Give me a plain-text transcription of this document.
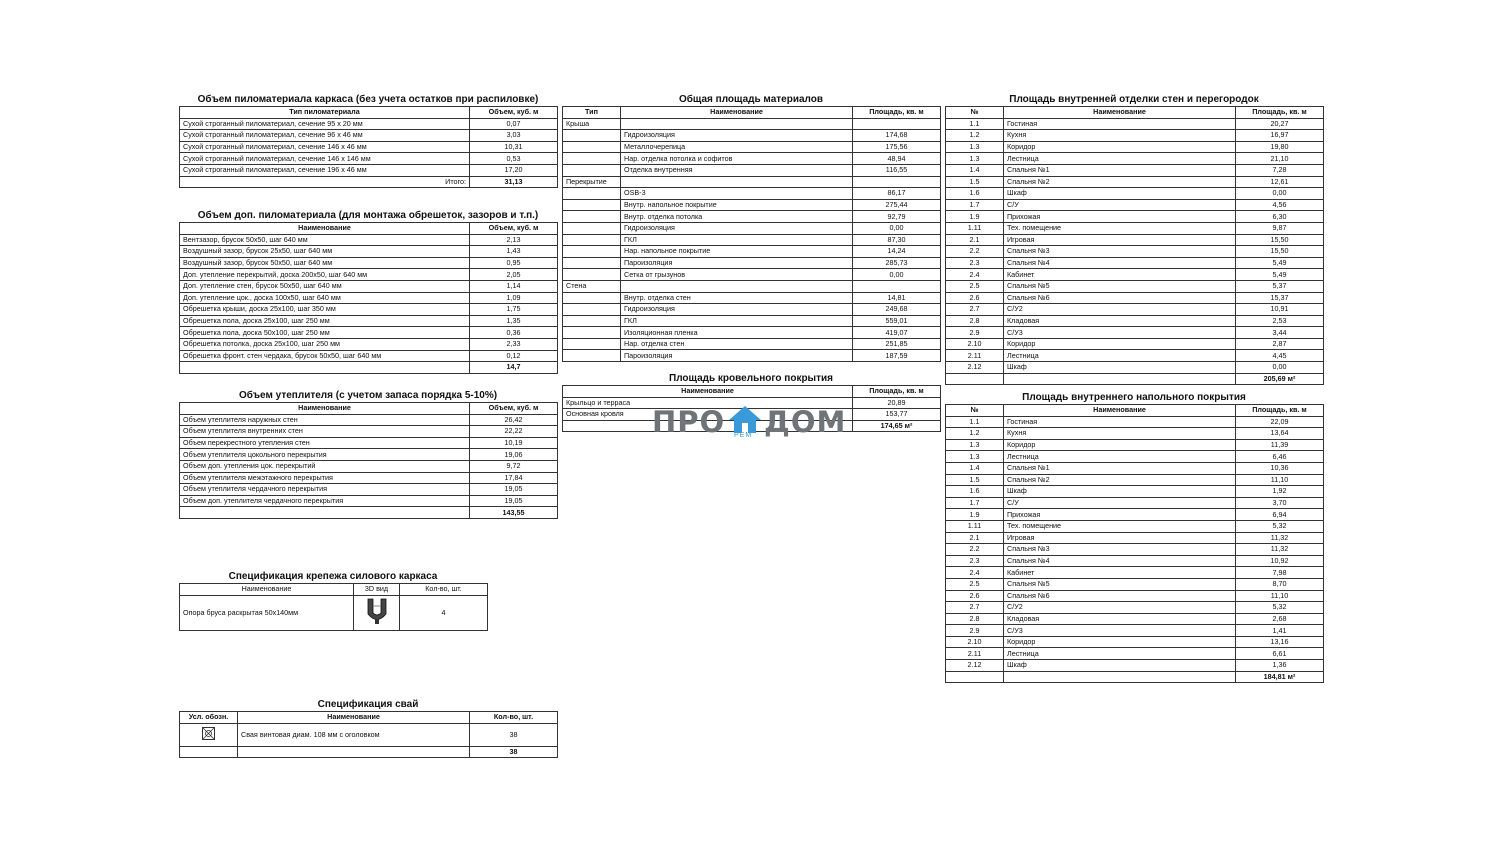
Объем пиломатериала каркаса (без учета остатков при распиловке)
Тип пиломатериала	Объем, куб. м
Сухой строганный пиломатериал, сечение 95 х 20 мм	0,07
Сухой строганный пиломатериал, сечение 96 х 46 мм	3,03
Сухой строганный пиломатериал, сечение 146 х 46 мм	10,31
Сухой строганный пиломатериал, сечение 146 х 146 мм	0,53
Сухой строганный пиломатериал, сечение 196 х 46 мм	17,20
Итого:	31,13
Объем доп. пиломатериала (для монтажа обрешеток, зазоров и т.п.)
Наименование	Объем, куб. м
Вентзазор, брусок 50х50, шаг 640 мм	2,13
Воздушный зазор, брусок 25х50, шаг 640 мм	1,43
Воздушный зазор, брусок 50х50, шаг 640 мм	0,95
Доп. утепление перекрытий, доска 200х50, шаг 640 мм	2,05
Доп. утепление стен, брусок 50х50, шаг 640 мм	1,14
Доп. утепление цок., доска 100х50, шаг 640 мм	1,09
Обрешетка крыши, доска 25х100, шаг 350 мм	1,75
Обрешетка пола, доска 25х100, шаг 250 мм	1,35
Обрешетка пола, доска 50х100, шаг 250 мм	0,36
Обрешетка потолка, доска 25х100, шаг 250 мм	2,33
Обрешетка фронт. стен чердака, брусок 50х50, шаг 640 мм	0,12
	14,7
Объем утеплителя (с учетом запаса порядка 5-10%)
Наименование	Объем, куб. м
Объем утеплителя наружных стен	26,42
Объем утеплителя внутренних стен	22,22
Объем перекрестного утепления стен	10,19
Объем утеплителя цокольного перекрытия	19,06
Объем доп. утепления цок. перекрытий	9,72
Объем утеплителя межэтажного перекрытия	17,84
Объем утеплителя чердачного перекрытия	19,05
Объем доп. утеплителя чердачного перекрытия	19,05
	143,55
Спецификация крепежа силового каркаса
Наименование	3D вид	Кол-во, шт.
Опора бруса раскрытая 50х140мм		4
Спецификация свай
Усл. обозн.	Наименование	Кол-во, шт.
	Свая винтовая диам. 108 мм с оголовком	38
		38
Общая площадь материалов
Тип	Наименование	Площадь, кв. м
Крыша		
	Гидроизоляция	174,68
	Металлочерепица	175,56
	Нар. отделка потолка и софитов	48,94
	Отделка внутренняя	116,55
Перекрытие		
	OSB-3	86,17
	Внутр. напольное покрытие	275,44
	Внутр. отделка потолка	92,79
	Гидроизоляция	0,00
	ГКЛ	87,30
	Нар. напольное покрытие	14,24
	Пароизоляция	285,73
	Сетка от грызунов	0,00
Стена		
	Внутр. отделка стен	14,81
	Гидроизоляция	249,68
	ГКЛ	559,01
	Изоляционная пленка	419,07
	Нар. отделка стен	251,85
	Пароизоляция	187,59
Площадь кровельного покрытия
Наименование	Площадь, кв. м
Крыльцо и терраса	20,89
Основная кровля	153,77
	174,65 м²
ПРО ДОМ
РЕМ
Площадь внутренней отделки стен и перегородок
№	Наименование	Площадь, кв. м
1.1	Гостиная	20,27
1.2	Кухня	16,97
1.3	Коридор	19,80
1.3	Лестница	21,10
1.4	Спальня №1	7,28
1.5	Спальня №2	12,61
1.6	Шкаф	0,00
1.7	С/У	4,56
1.9	Прихожая	6,30
1.11	Тех. помещение	9,87
2.1	Игровая	15,50
2.2	Спальня №3	15,50
2.3	Спальня №4	5,49
2.4	Кабинет	5,49
2.5	Спальня №5	5,37
2.6	Спальня №6	15,37
2.7	С/У2	10,91
2.8	Кладовая	2,53
2.9	С/У3	3,44
2.10	Коридор	2,87
2.11	Лестница	4,45
2.12	Шкаф	0,00
		205,69 м²
Площадь внутреннего напольного покрытия
№	Наименование	Площадь, кв. м
1.1	Гостиная	22,09
1.2	Кухня	13,64
1.3	Коридор	11,39
1.3	Лестница	6,46
1.4	Спальня №1	10,36
1.5	Спальня №2	11,10
1.6	Шкаф	1,92
1.7	С/У	3,70
1.9	Прихожая	6,94
1.11	Тех. помещение	5,32
2.1	Игровая	11,32
2.2	Спальня №3	11,32
2.3	Спальня №4	10,92
2.4	Кабинет	7,98
2.5	Спальня №5	8,70
2.6	Спальня №6	11,10
2.7	С/У2	5,32
2.8	Кладовая	2,68
2.9	С/У3	1,41
2.10	Коридор	13,16
2.11	Лестница	6,61
2.12	Шкаф	1,36
		184,81 м²
